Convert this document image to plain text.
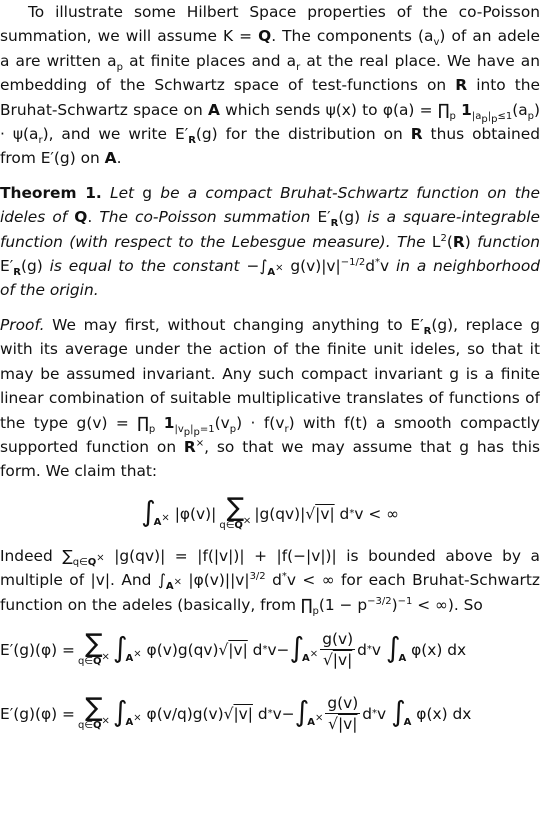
To illustrate some Hilbert Space properties of the co-Poisson summation, we will assume K = Q. The components $(a_v)$ of an adele a are written $a_p$ at finite places and $a_r$ at the real place. We have an embedding of the Schwartz space of test-functions on R into the Bruhat-Schwartz space on A which sends ψ(x) to $\varphi(a) = \prod_p$ $1_{|a_p|_p\le 1}(a_p) \cdot \psi(a_r)$, and we write $E'_R(g)$ for the distribution on R thus obtained from E′(g) on A.

Theorem 1. Let g be a compact Bruhat-Schwartz function on the ideles of Q. The co-Poisson summation $E'_R(g)$ is a square-integrable function (with respect to the Lebesgue measure). The $L^2(R)$ function $E'_R(g)$ is equal to the constant $-\int_{A^\times}$ $g(v)|v|^{-1/2}d^*v$ in a neighborhood of the origin.

Proof. We may first, without changing anything to $E'_R(g)$, replace g with its average under the action of the finite unit ideles, so that it may be assumed invariant. Any such compact invariant g is a finite linear combination of suitable multiplicative translates of functions of the type $g(v) = \prod_p$ $1_{|v_p|_p=1}(v_p) \cdot f(v_r)$ with f(t) a smooth compactly supported function on R×, so that we may assume that g has this form. We claim that:

∫
A× |φ(v)| ∑
q∈Q× |g(qv)|√ |v| d * v < ∞

Indeed $\sum_{q\in Q^\times}$ |g(qv)| = |f(|v|)| + |f(−|v|)| is bounded above by a multiple of |v|. And $\int_{A^\times}$ $|\varphi(v)||v|^{3/2}$ d*v < ∞ for each Bruhat-Schwartz function on the adeles (basically, from $\prod_p(1 - p^{-3/2})^{-1}$ < ∞). So

E′(g)(φ) = ∑
q∈Q× ∫
A× φ(v)g(qv)√ |v| d * v− ∫
$A^\times \frac{g(v)}{√|v|}$ d * v ∫
A φ(x) dx
E′(g)(φ) = ∑
q∈Q× ∫
A× φ(v/q)g(v)√ |v| d * v− ∫
$A^\times \frac{g(v)}{√|v|}$ d * v ∫
A φ(x) dx
